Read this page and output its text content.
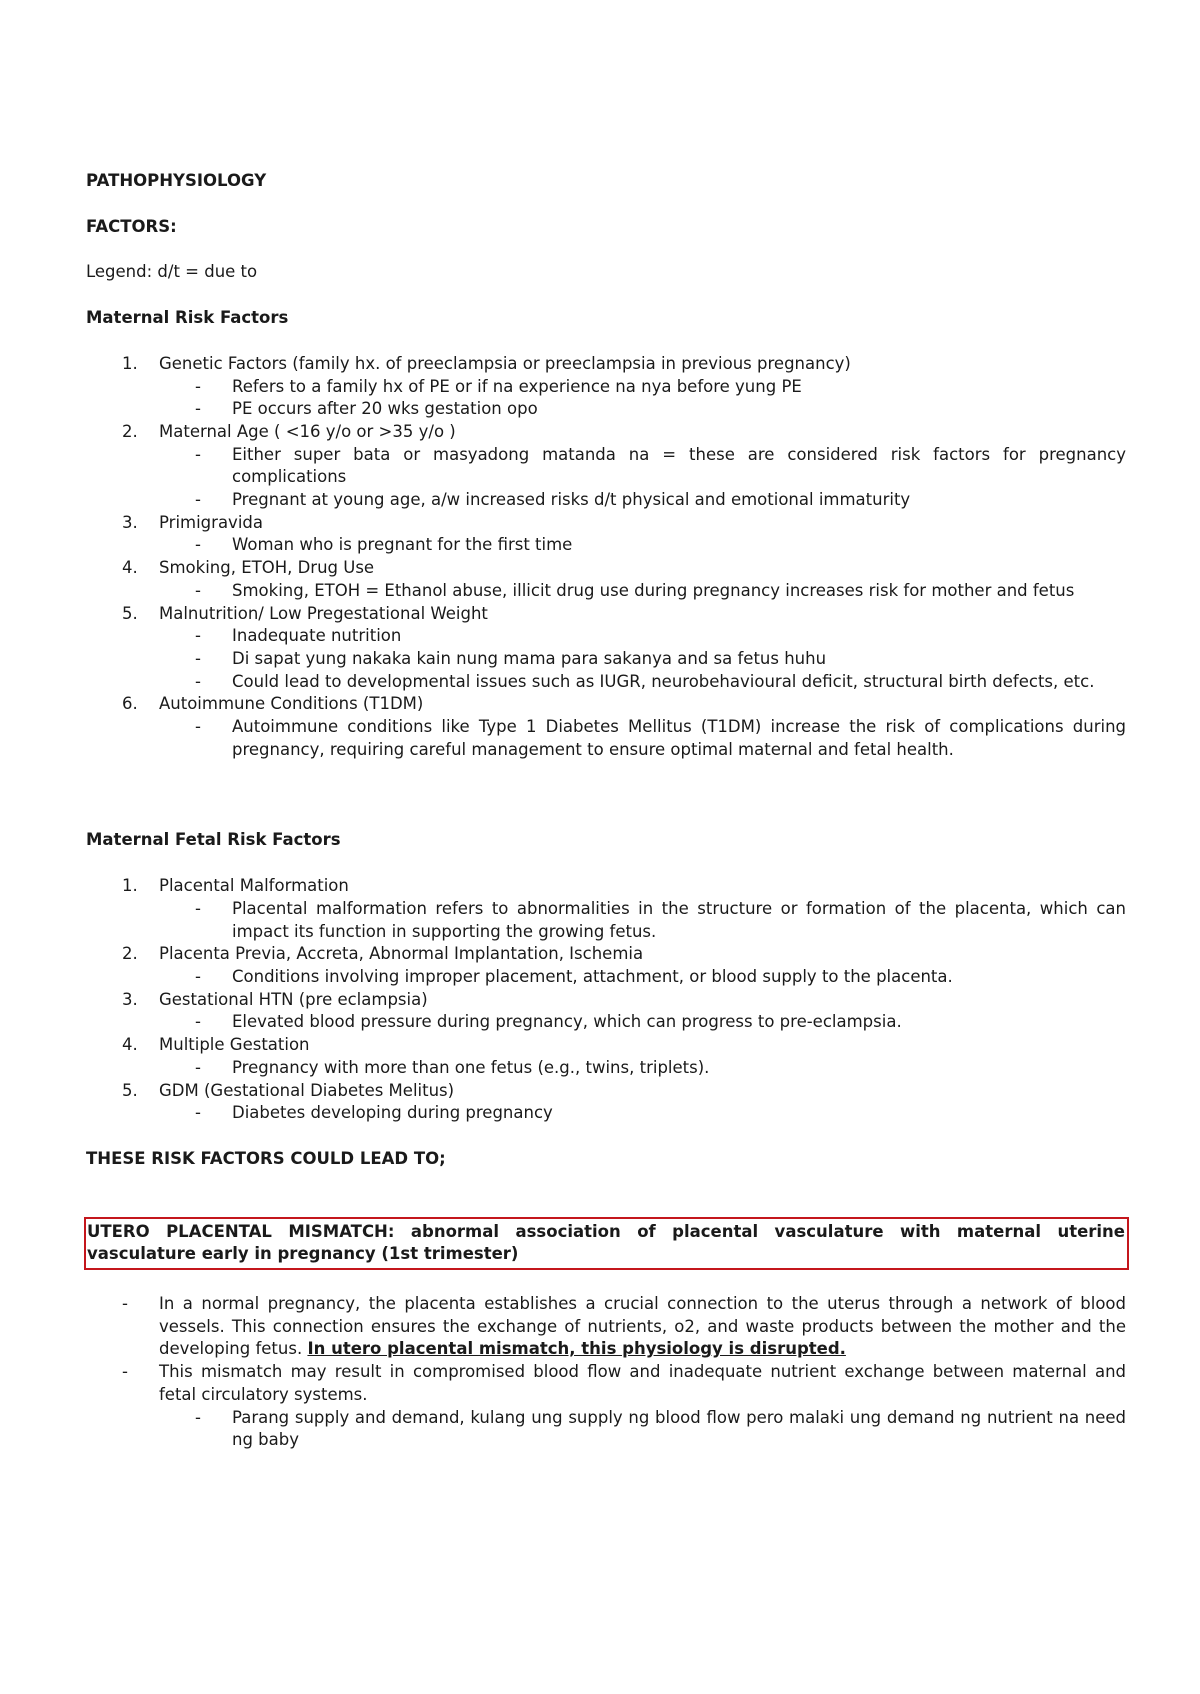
PATHOPHYSIOLOGY

FACTORS:

Legend: d/t = due to

Maternal Risk Factors

1. Genetic Factors (family hx. of preeclampsia or preeclampsia in previous pregnancy)
- Refers to a family hx of PE or if na experience na nya before yung PE
- PE occurs after 20 wks gestation opo
2. Maternal Age ( <16 y/o or >35 y/o )
- Either super bata or masyadong matanda na = these are considered risk factors for pregnancy complications
- Pregnant at young age, a/w increased risks d/t physical and emotional immaturity
3. Primigravida
- Woman who is pregnant for the first time
4. Smoking, ETOH, Drug Use
- Smoking, ETOH = Ethanol abuse, illicit drug use during pregnancy increases risk for mother and fetus
5. Malnutrition/ Low Pregestational Weight
- Inadequate nutrition
- Di sapat yung nakaka kain nung mama para sakanya and sa fetus huhu
- Could lead to developmental issues such as IUGR, neurobehavioural deficit, structural birth defects, etc.
6. Autoimmune Conditions (T1DM)
- Autoimmune conditions like Type 1 Diabetes Mellitus (T1DM) increase the risk of complications during pregnancy, requiring careful management to ensure optimal maternal and fetal health.

Maternal Fetal Risk Factors

1. Placental Malformation
- Placental malformation refers to abnormalities in the structure or formation of the placenta, which can impact its function in supporting the growing fetus.
2. Placenta Previa, Accreta, Abnormal Implantation, Ischemia
- Conditions involving improper placement, attachment, or blood supply to the placenta.
3. Gestational HTN (pre eclampsia)
- Elevated blood pressure during pregnancy, which can progress to pre-eclampsia.
4. Multiple Gestation
- Pregnancy with more than one fetus (e.g., twins, triplets).
5. GDM (Gestational Diabetes Melitus)
- Diabetes developing during pregnancy

THESE RISK FACTORS COULD LEAD TO;

UTERO PLACENTAL MISMATCH: abnormal association of placental vasculature with maternal uterine vasculature early in pregnancy (1st trimester)
- In a normal pregnancy, the placenta establishes a crucial connection to the uterus through a network of blood vessels. This connection ensures the exchange of nutrients, o2, and waste products between the mother and the developing fetus. In utero placental mismatch, this physiology is disrupted.
- This mismatch may result in compromised blood flow and inadequate nutrient exchange between maternal and fetal circulatory systems.
- Parang supply and demand, kulang ung supply ng blood flow pero malaki ung demand ng nutrient na need ng baby
